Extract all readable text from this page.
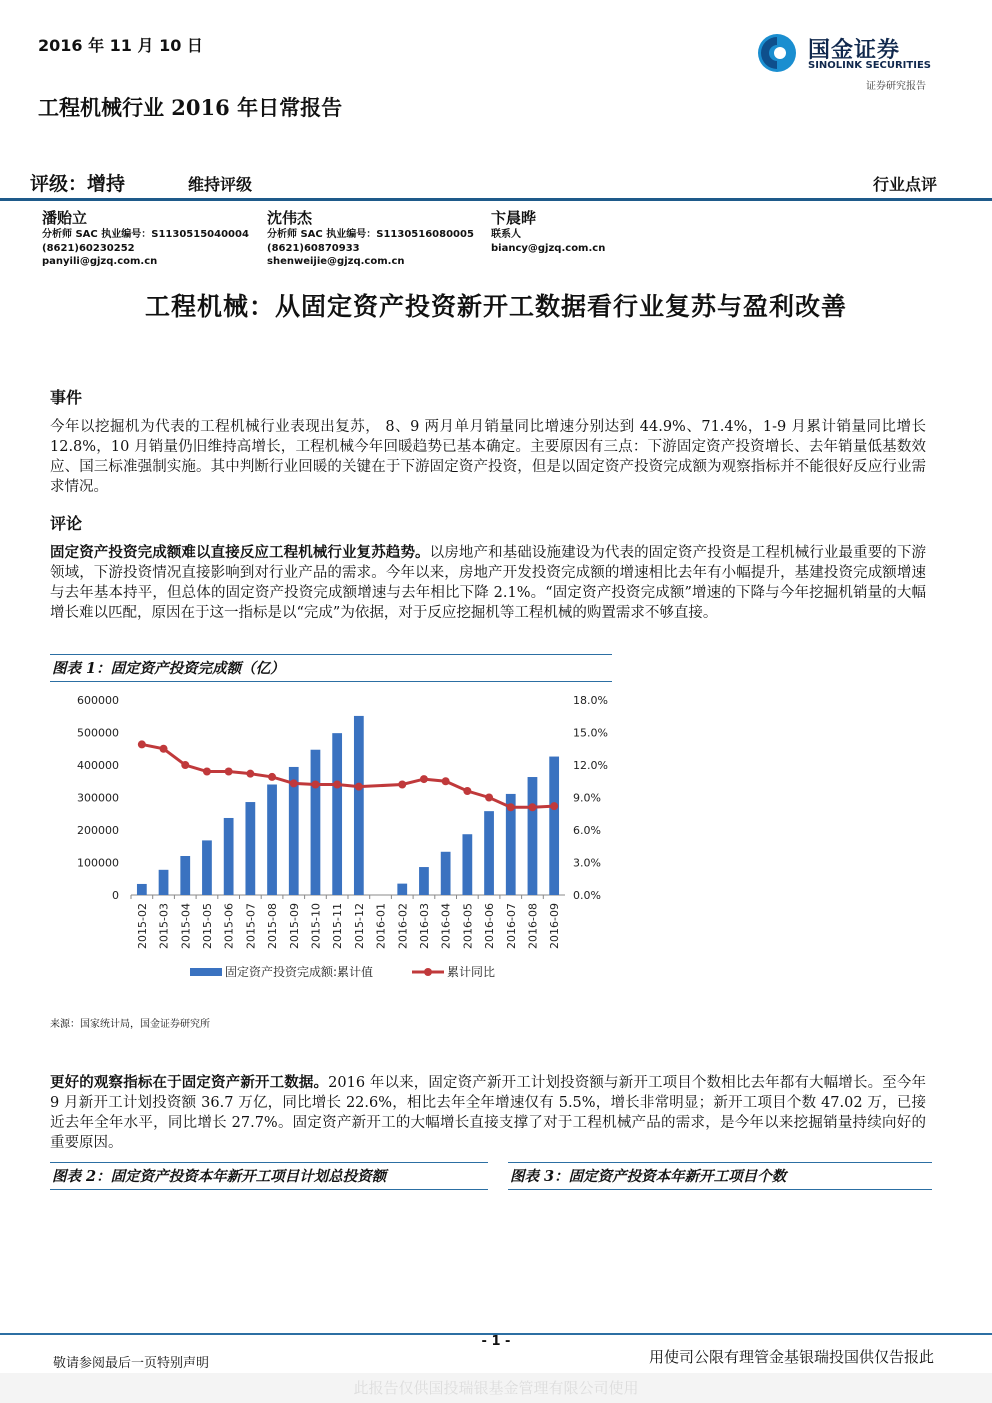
2016 年 11 月 10 日	国金证券
SINOLINK SECURITIES
证券研究报告
工程机械行业 2016 年日常报告
评级：增持	维持评级	行业点评
潘贻立
分析师 SAC 执业编号：S1130515040004
(8621)60230252
panyili@gjzq.com.cn
沈伟杰
分析师 SAC 执业编号：S1130516080005
(8621)60870933
shenweijie@gjzq.com.cn
卞晨晔
联系人
biancy@gjzq.com.cn
工程机械：从固定资产投资新开工数据看行业复苏与盈利改善
事件
今年以挖掘机为代表的工程机械行业表现出复苏， 8、9 两月单月销量同比增速分别达到 44.9%、71.4%，1-9 月累计销量同比增长 12.8%，10 月销量仍旧维持高增长，工程机械今年回暖趋势已基本确定。主要原因有三点：下游固定资产投资增长、去年销量低基数效应、国三标准强制实施。其中判断行业回暖的关键在于下游固定资产投资，但是以固定资产投资完成额为观察指标并不能很好反应行业需求情况。
评论
固定资产投资完成额难以直接反应工程机械行业复苏趋势。以房地产和基础设施建设为代表的固定资产投资是工程机械行业最重要的下游领域，下游投资情况直接影响到对行业产品的需求。今年以来，房地产开发投资完成额的增速相比去年有小幅提升，基建投资完成额增速与去年基本持平，但总体的固定资产投资完成额增速与去年相比下降 2.1%。“固定资产投资完成额”增速的下降与今年挖掘机销量的大幅增长难以匹配，原因在于这一指标是以“完成”为依据，对于反应挖掘机等工程机械的购置需求不够直接。
图表 1：固定资产投资完成额（亿）
0
100000
200000
300000
400000
500000
600000
0.0%
3.0%
6.0%
9.0%
12.0%
15.0%
18.0%
2015-02 2015-03 2015-04 2015-05 2015-06 2015-07 2015-08 2015-09 2015-10 2015-11 2015-12 2016-01 2016-02 2016-03 2016-04 2016-05 2016-06 2016-07 2016-08 2016-09
固定资产投资完成额:累计值	累计同比
来源：国家统计局，国金证券研究所
更好的观察指标在于固定资产新开工数据。2016 年以来，固定资产新开工计划投资额与新开工项目个数相比去年都有大幅增长。至今年 9 月新开工计划投资额 36.7 万亿，同比增长 22.6%，相比去年全年增速仅有 5.5%，增长非常明显；新开工项目个数 47.02 万，已接近去年全年水平，同比增长 27.7%。固定资产新开工的大幅增长直接支撑了对于工程机械产品的需求，是今年以来挖掘销量持续向好的重要原因。
图表 2：固定资产投资本年新开工项目计划总投资额	图表 3：固定资产投资本年新开工项目个数
- 1 -
敬请参阅最后一页特别声明	用使司公限有理管金基银瑞投国供仅告报此
此报告仅供国投瑞银基金管理有限公司使用
